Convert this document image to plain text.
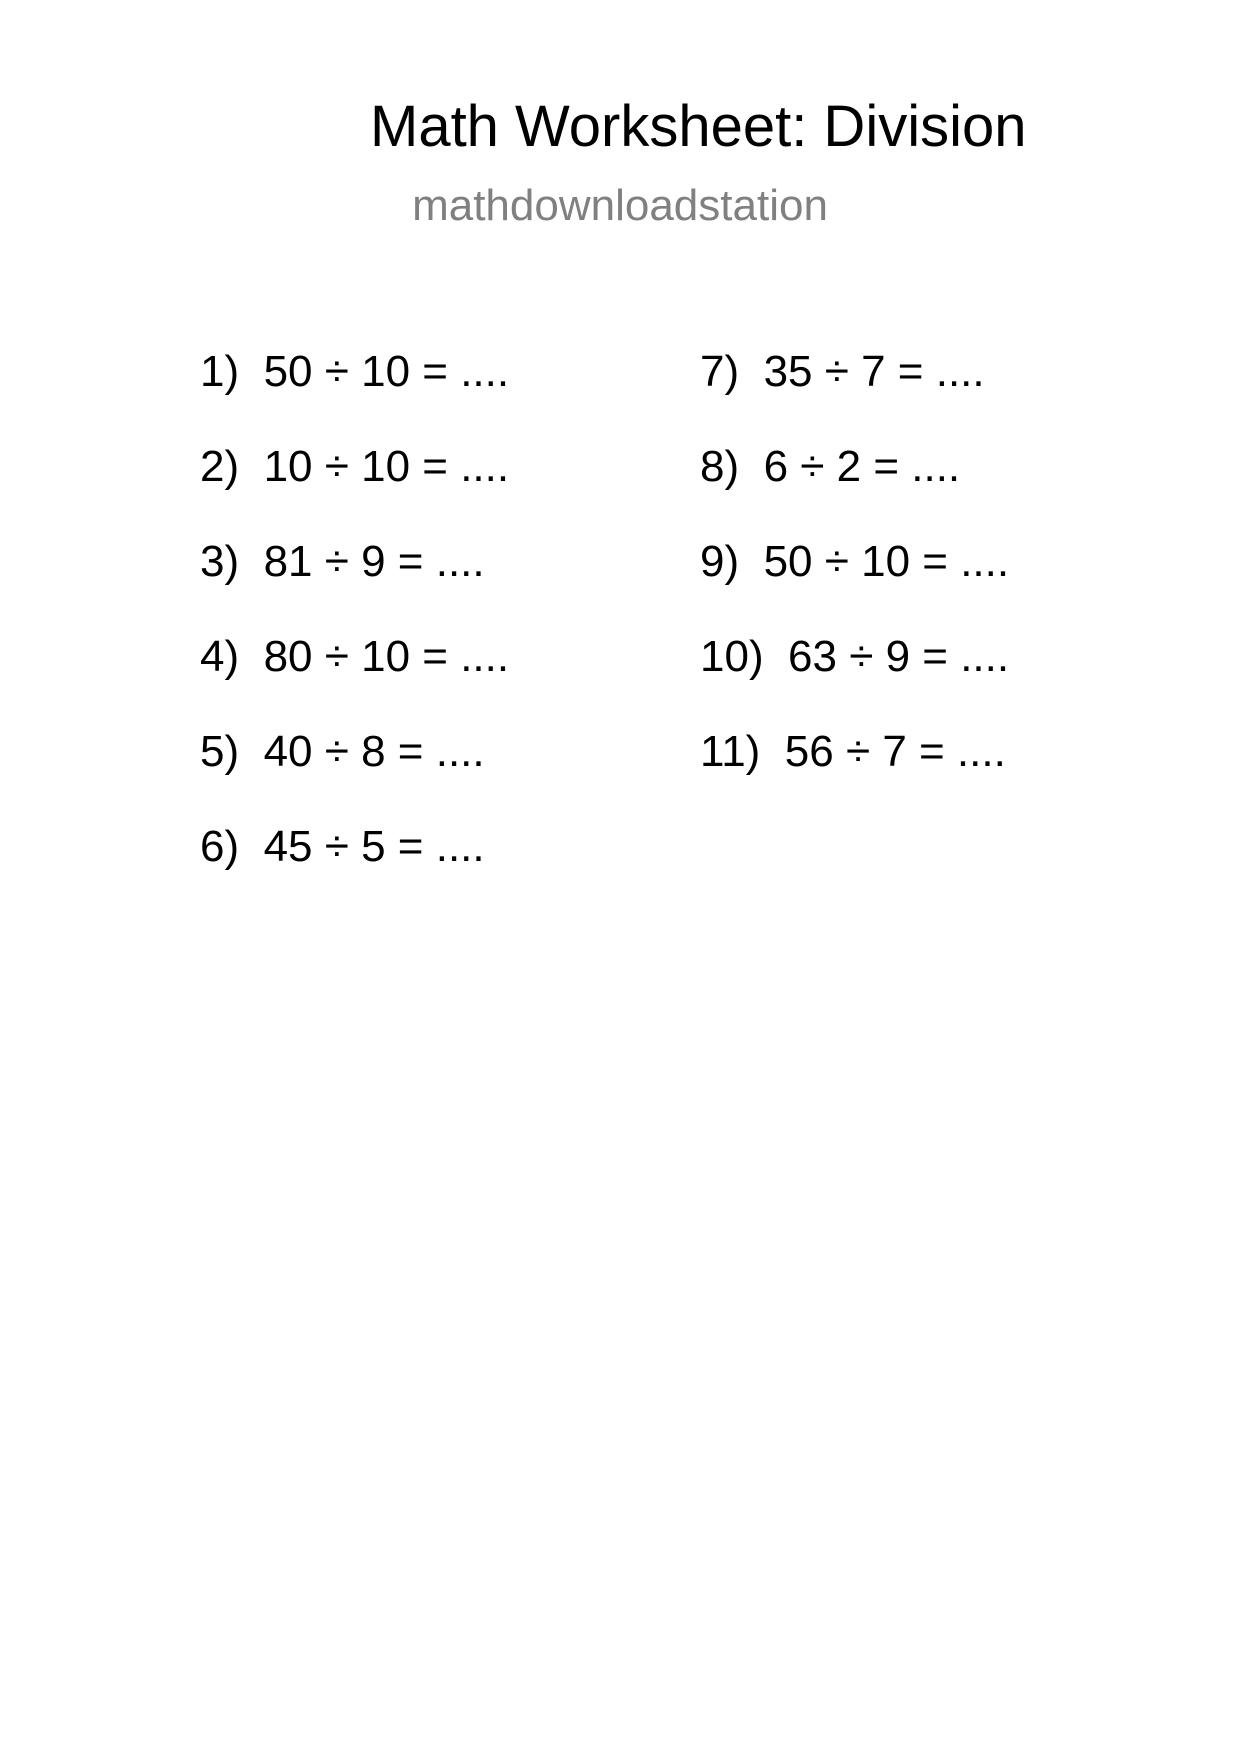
Math Worksheet: Division
mathdownloadstation
1)  50 ÷ 10 = ....
2)  10 ÷ 10 = ....
3)  81 ÷ 9 = ....
4)  80 ÷ 10 = ....
5)  40 ÷ 8 = ....
6)  45 ÷ 5 = ....
7)  35 ÷ 7 = ....
8)  6 ÷ 2 = ....
9)  50 ÷ 10 = ....
10)  63 ÷ 9 = ....
11)  56 ÷ 7 = ....
